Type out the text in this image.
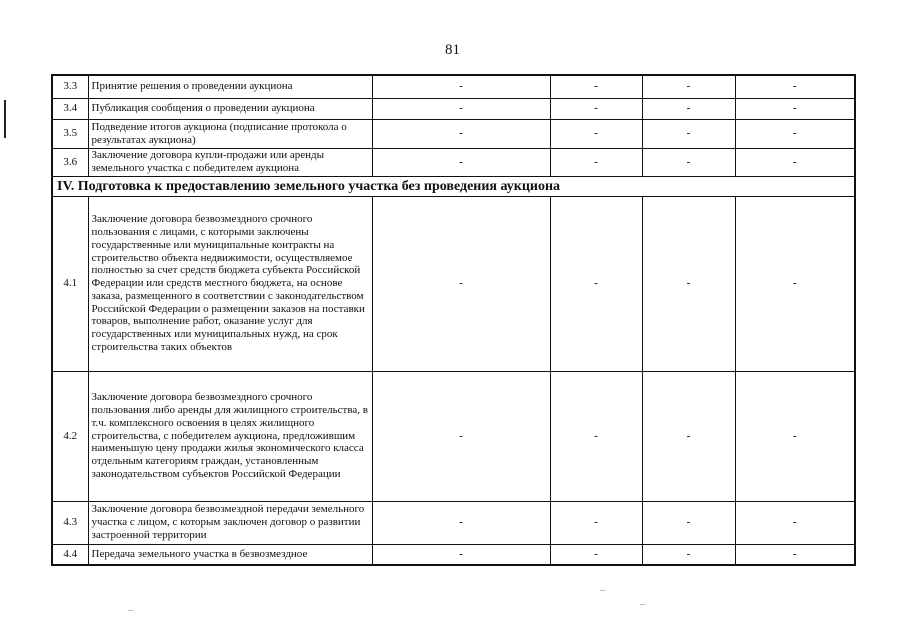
81
3.3	Принятие решения о проведении аукциона	-	-	-	-
3.4	Публикация сообщения о проведении аукциона	-	-	-	-
3.5	Подведение итогов аукциона (подписание протокола о результатах аукциона)	-	-	-	-
3.6	Заключение договора купли-продажи или аренды земельного участка с победителем аукциона	-	-	-	-
IV. Подготовка к предоставлению земельного участка без проведения аукциона					
4.1	Заключение договора безвозмездного срочного пользования с лицами, с которыми заключены государственные или муниципальные контракты на строительство объекта недвижимости, осуществляемое полностью за счет средств бюджета субъекта Российской Федерации или средств местного бюджета, на основе заказа, размещенного в соответствии с законодательством Российской Федерации о размещении заказов на поставки товаров, выполнение работ, оказание услуг для государственных или муниципальных нужд, на срок строительства таких объектов	-	-	-	-
4.2	Заключение договора безвозмездного срочного пользования либо аренды для жилищного строительства, в т.ч. комплексного освоения в целях жилищного строительства, с победителем аукциона, предложившим наименьшую цену продажи жилья экономического класса отдельным категориям граждан, установленным законодательством субъектов Российской Федерации	-	-	-	-
4.3	Заключение договора безвозмездной передачи земельного участка с лицом, с которым заключен договор о развитии застроенной территории	-	-	-	-
4.4	Передача земельного участка в безвозмездное	-	-	-	-
